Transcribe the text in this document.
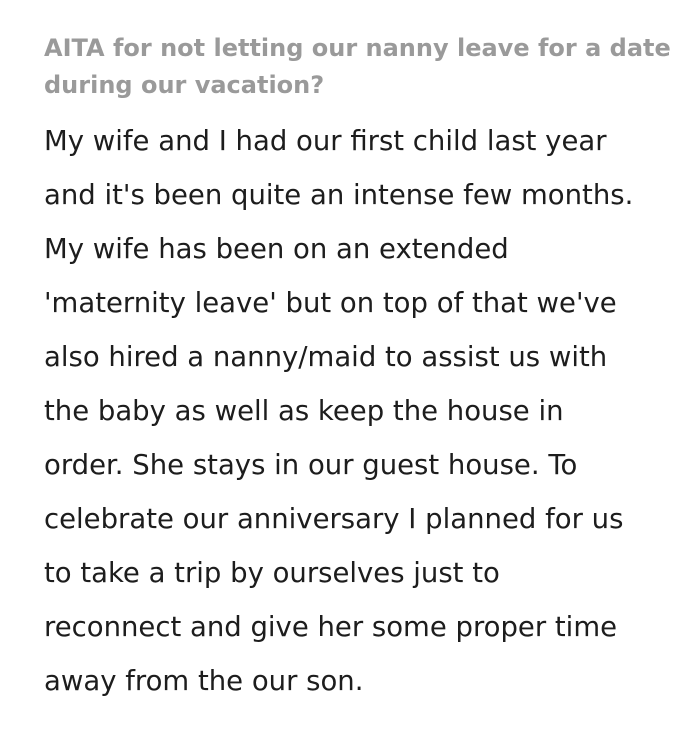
AITA for not letting our nanny leave for a date during our vacation?
My wife and I had our first child last year
and it's been quite an intense few months.
My wife has been on an extended
'maternity leave' but on top of that we've
also hired a nanny/maid to assist us with
the baby as well as keep the house in
order. She stays in our guest house. To
celebrate our anniversary I planned for us
to take a trip by ourselves just to
reconnect and give her some proper time
away from the our son.
